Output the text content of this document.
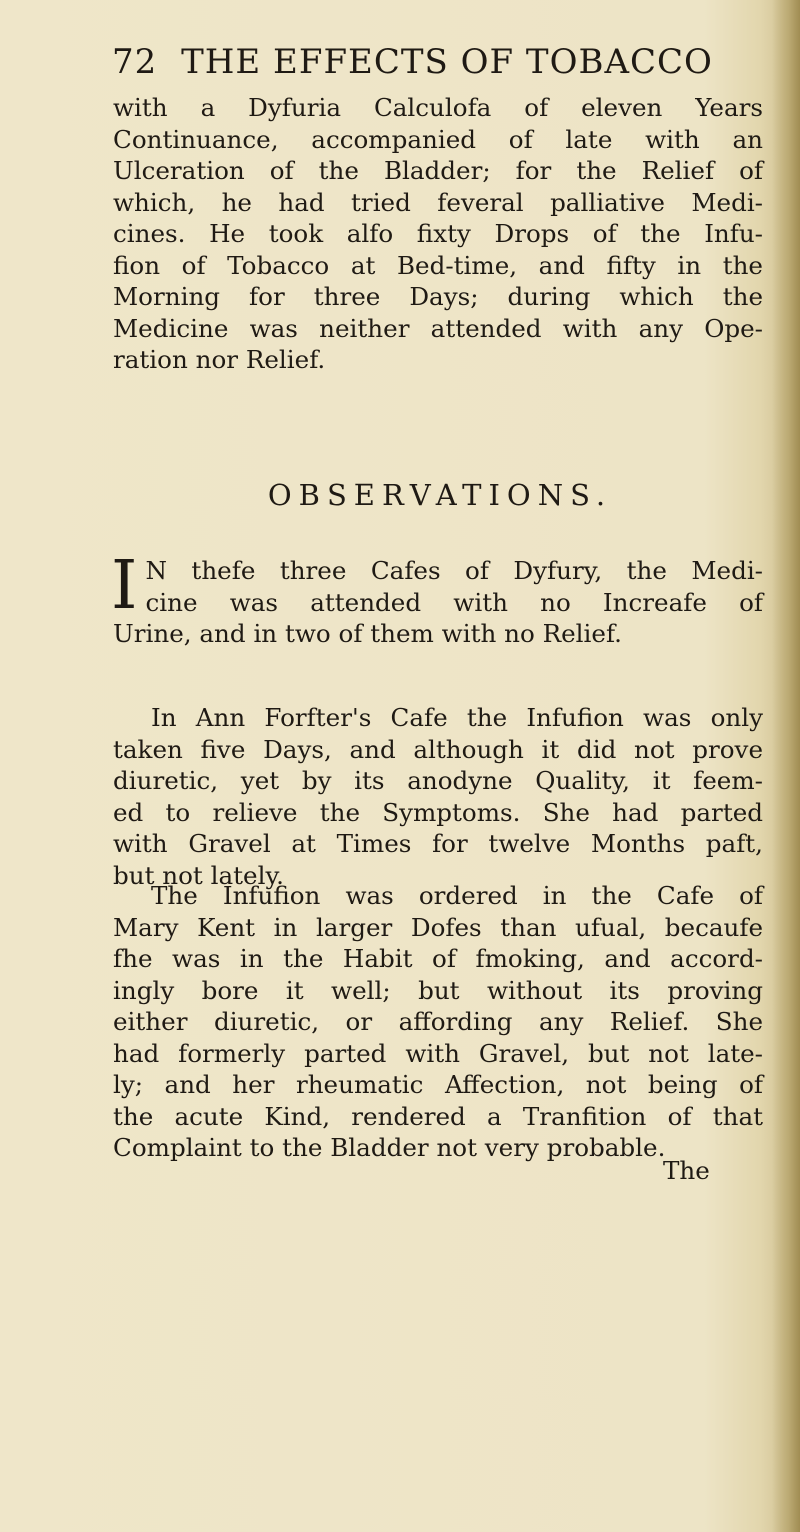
72 THE EFFECTS OF TOBACCO
with a Dyfuria Calculofa of eleven Years
Continuance, accompanied of late with an
Ulceration of the Bladder; for the Relief of
which, he had tried feveral palliative Medi-
cines. He took alfo fixty Drops of the Infu-
fion of Tobacco at Bed-time, and fifty in the
Morning for three Days; during which the
Medicine was neither attended with any Ope-
ration nor Relief.
OBSERVATIONS.
I N thefe three Cafes of Dyfury, the Medi-
cine was attended with no Increafe of
Urine, and in two of them with no Relief.
In Ann Forfter's Cafe the Infufion was only
taken five Days, and although it did not prove
diuretic, yet by its anodyne Quality, it feem-
ed to relieve the Symptoms. She had parted
with Gravel at Times for twelve Months paft,
but not lately.
The Infufion was ordered in the Cafe of
Mary Kent in larger Dofes than ufual, becaufe
fhe was in the Habit of fmoking, and accord-
ingly bore it well; but without its proving
either diuretic, or affording any Relief. She
had formerly parted with Gravel, but not late-
ly; and her rheumatic Affection, not being of
the acute Kind, rendered a Tranfition of that
Complaint to the Bladder not very probable.
The
